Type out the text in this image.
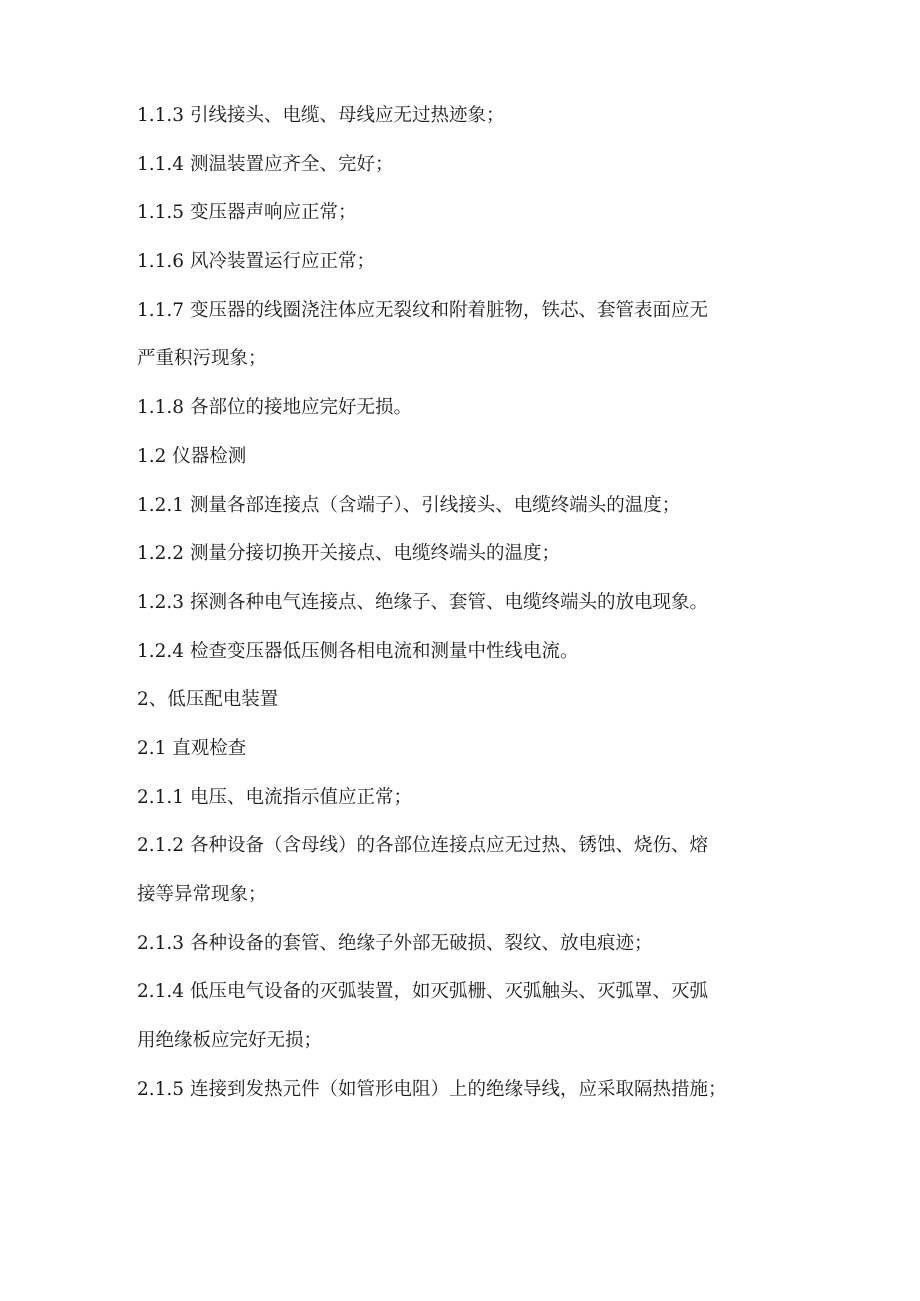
1.1.3 引线接头、电缆、母线应无过热迹象；

1.1.4 测温装置应齐全、完好；

1.1.5 变压器声响应正常；

1.1.6 风冷装置运行应正常；

1.1.7 变压器的线圈浇注体应无裂纹和附着脏物，铁芯、套管表面应无

严重积污现象；

1.1.8 各部位的接地应完好无损。

1.2 仪器检测

1.2.1 测量各部连接点（含端子）、引线接头、电缆终端头的温度；

1.2.2 测量分接切换开关接点、电缆终端头的温度；

1.2.3 探测各种电气连接点、绝缘子、套管、电缆终端头的放电现象。

1.2.4 检查变压器低压侧各相电流和测量中性线电流。

2、低压配电装置

2.1 直观检查

2.1.1 电压、电流指示值应正常；

2.1.2 各种设备（含母线）的各部位连接点应无过热、锈蚀、烧伤、熔

接等异常现象；

2.1.3 各种设备的套管、绝缘子外部无破损、裂纹、放电痕迹；

2.1.4 低压电气设备的灭弧装置，如灭弧栅、灭弧触头、灭弧罩、灭弧

用绝缘板应完好无损；

2.1.5 连接到发热元件（如管形电阻）上的绝缘导线，应采取隔热措施；
